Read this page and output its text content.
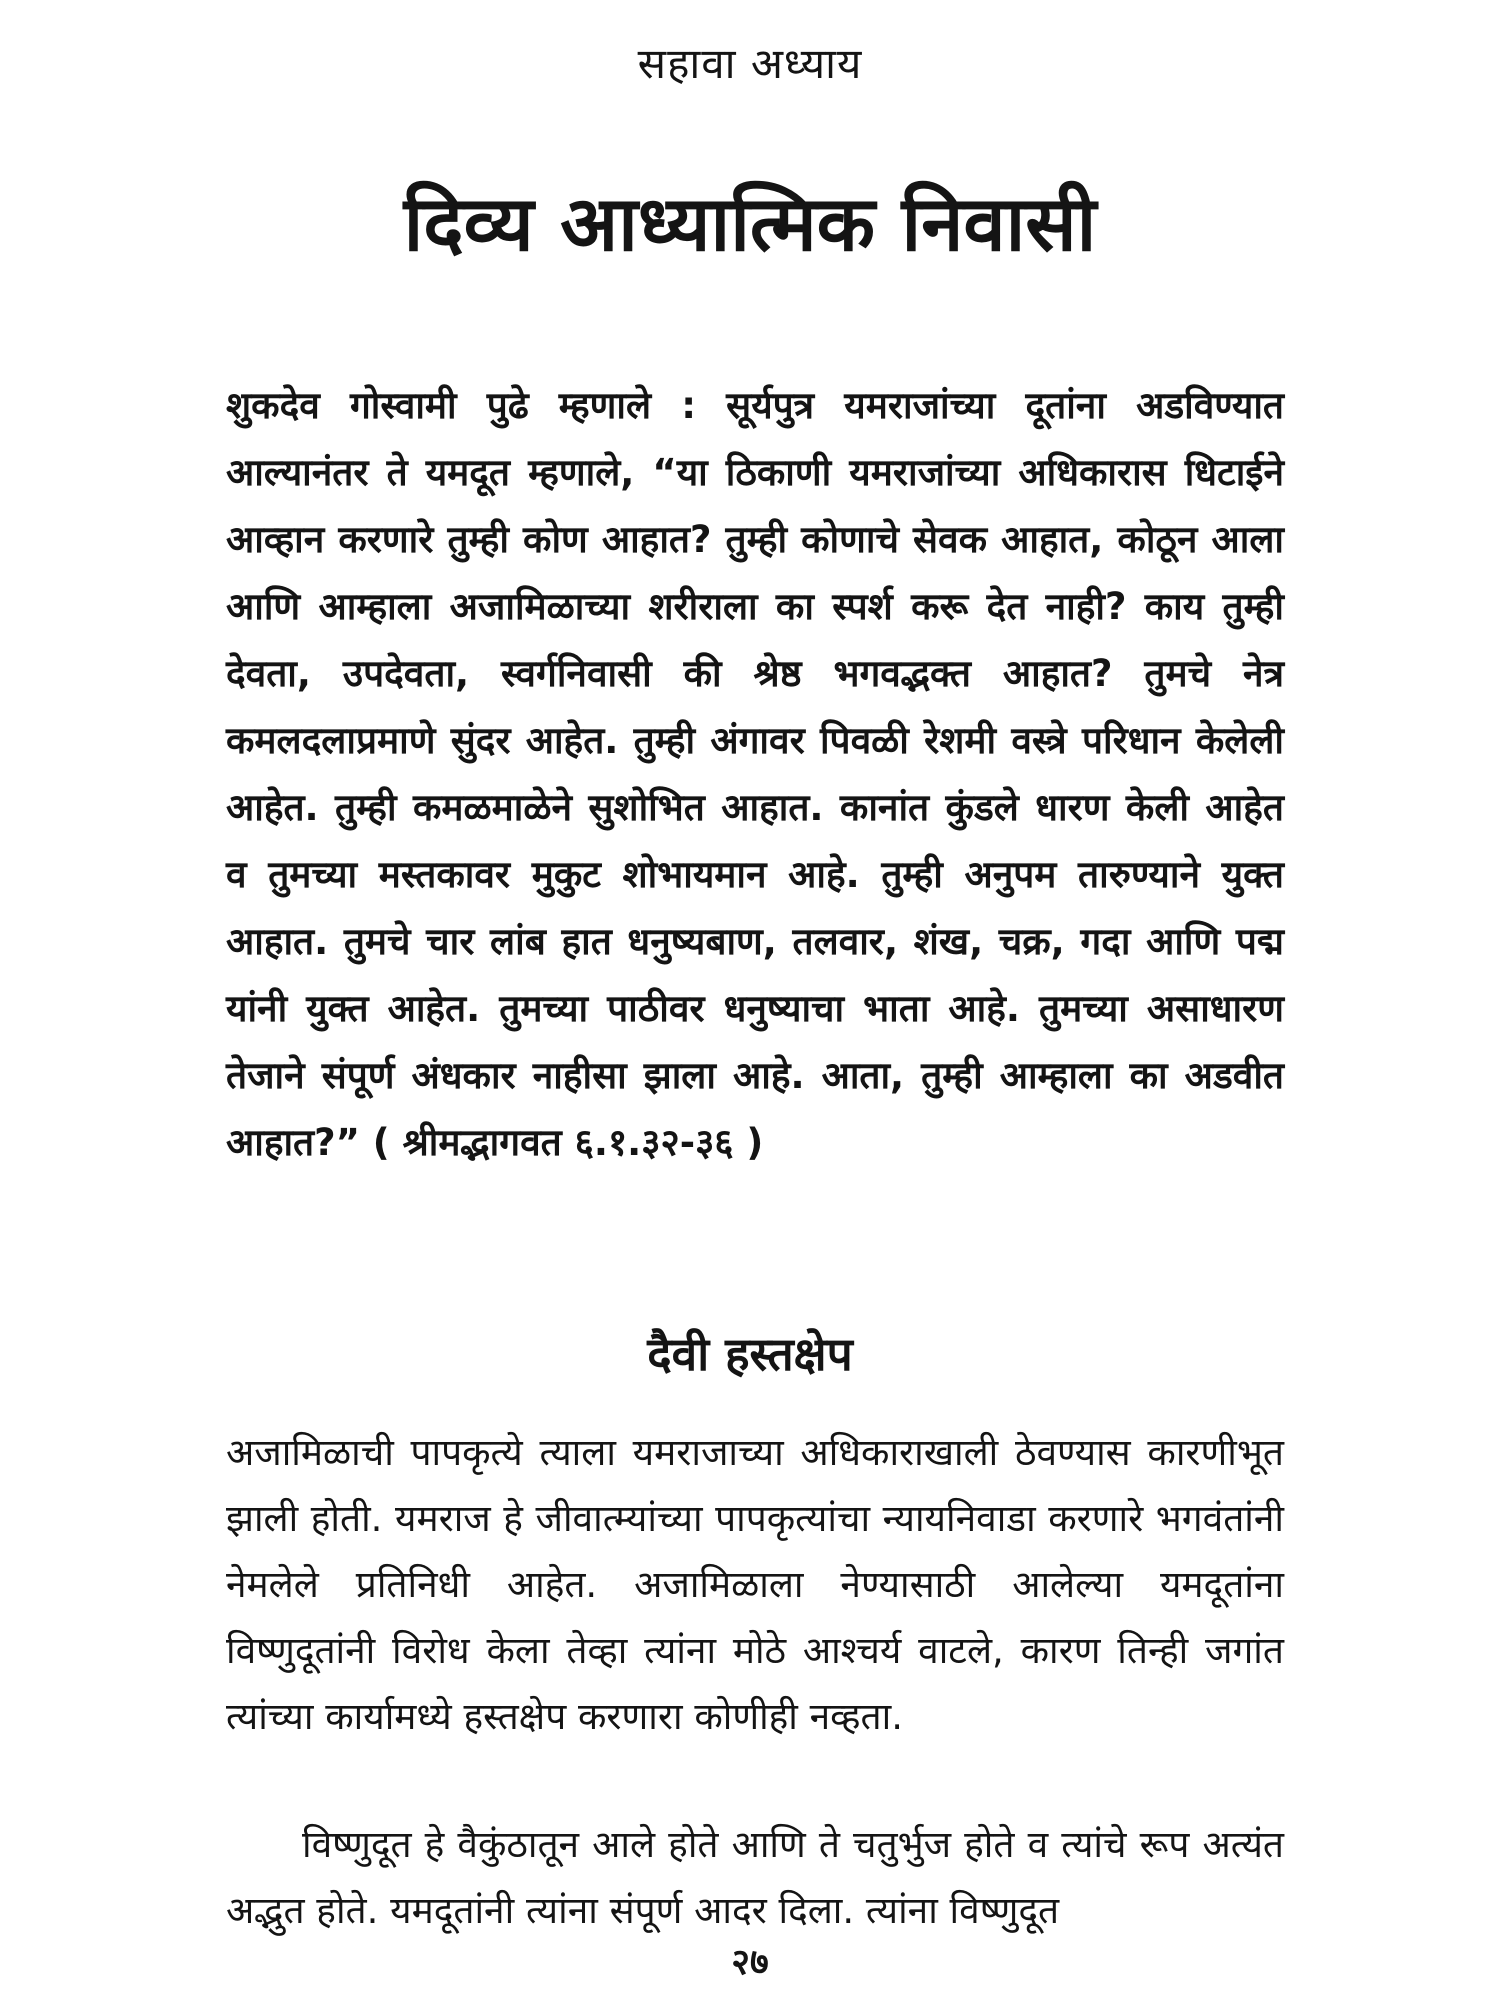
सहावा अध्याय
दिव्य आध्यात्मिक निवासी

शुकदेव गोस्वामी पुढे म्हणाले : सूर्यपुत्र यमराजांच्या दूतांना अडविण्यात आल्यानंतर ते यमदूत म्हणाले, “या ठिकाणी यमराजांच्या अधिकारास धिटाईने आव्हान करणारे तुम्ही कोण आहात? तुम्ही कोणाचे सेवक आहात, कोठून आला आणि आम्हाला अजामिळाच्या शरीराला का स्पर्श करू देत नाही? काय तुम्ही देवता, उपदेवता, स्वर्गनिवासी की श्रेष्ठ भगवद्भक्त आहात? तुमचे नेत्र कमलदलाप्रमाणे सुंदर आहेत. तुम्ही अंगावर पिवळी रेशमी वस्त्रे परिधान केलेली आहेत. तुम्ही कमळमाळेने सुशोभित आहात. कानांत कुंडले धारण केली आहेत व तुमच्या मस्तकावर मुकुट शोभायमान आहे. तुम्ही अनुपम तारुण्याने युक्त आहात. तुमचे चार लांब हात धनुष्यबाण, तलवार, शंख, चक्र, गदा आणि पद्म यांनी युक्त आहेत. तुमच्या पाठीवर धनुष्याचा भाता आहे. तुमच्या असाधारण तेजाने संपूर्ण अंधकार नाहीसा झाला आहे. आता, तुम्ही आम्हाला का अडवीत आहात?” ( श्रीमद्भागवत ६.१.३२-३६ )

दैवी हस्तक्षेप

अजामिळाची पापकृत्ये त्याला यमराजाच्या अधिकाराखाली ठेवण्यास कारणीभूत झाली होती. यमराज हे जीवात्म्यांच्या पापकृत्यांचा न्यायनिवाडा करणारे भगवंतांनी नेमलेले प्रतिनिधी आहेत. अजामिळाला नेण्यासाठी आलेल्या यमदूतांना विष्णुदूतांनी विरोध केला तेव्हा त्यांना मोठे आश्चर्य वाटले, कारण तिन्ही जगांत त्यांच्या कार्यामध्ये हस्तक्षेप करणारा कोणीही नव्हता.

विष्णुदूत हे वैकुंठातून आले होते आणि ते चतुर्भुज होते व त्यांचे रूप अत्यंत अद्भुत होते. यमदूतांनी त्यांना संपूर्ण आदर दिला. त्यांना विष्णुदूत

२७
